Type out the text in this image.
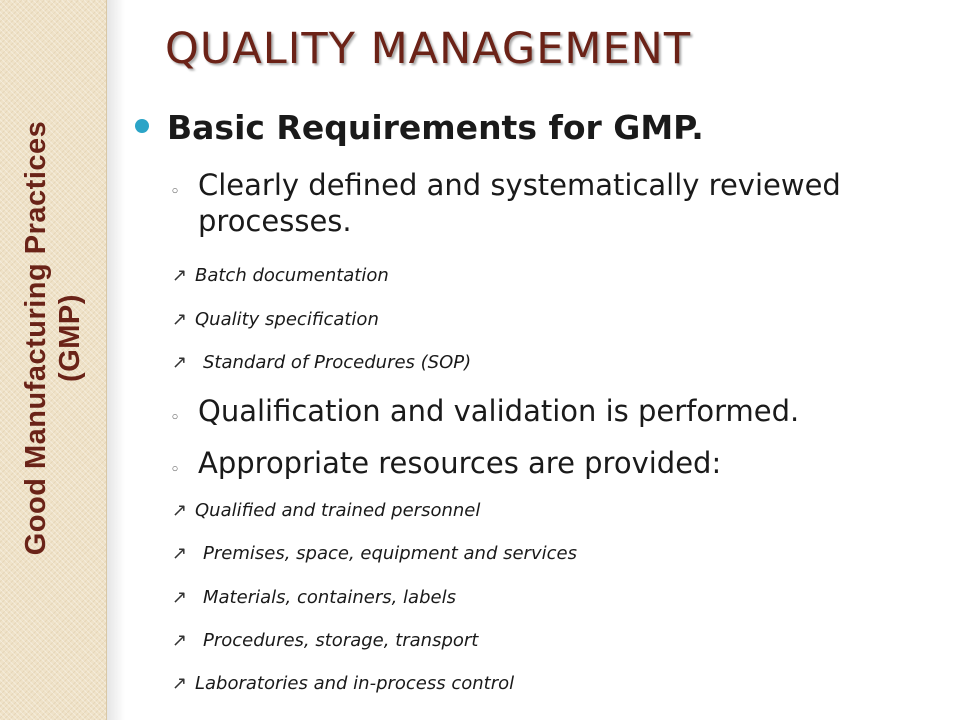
Good Manufacturing Practices (GMP)
QUALITY MANAGEMENT
Basic Requirements for GMP.
◦ Clearly defined and systematically reviewed processes.
↗ Batch documentation
↗ Quality specification
↗ Standard of Procedures (SOP)
◦ Qualification and validation is performed.
◦ Appropriate resources are provided:
↗ Qualified and trained personnel
↗ Premises, space, equipment and services
↗ Materials, containers, labels
↗ Procedures, storage, transport
↗ Laboratories and in-process control
